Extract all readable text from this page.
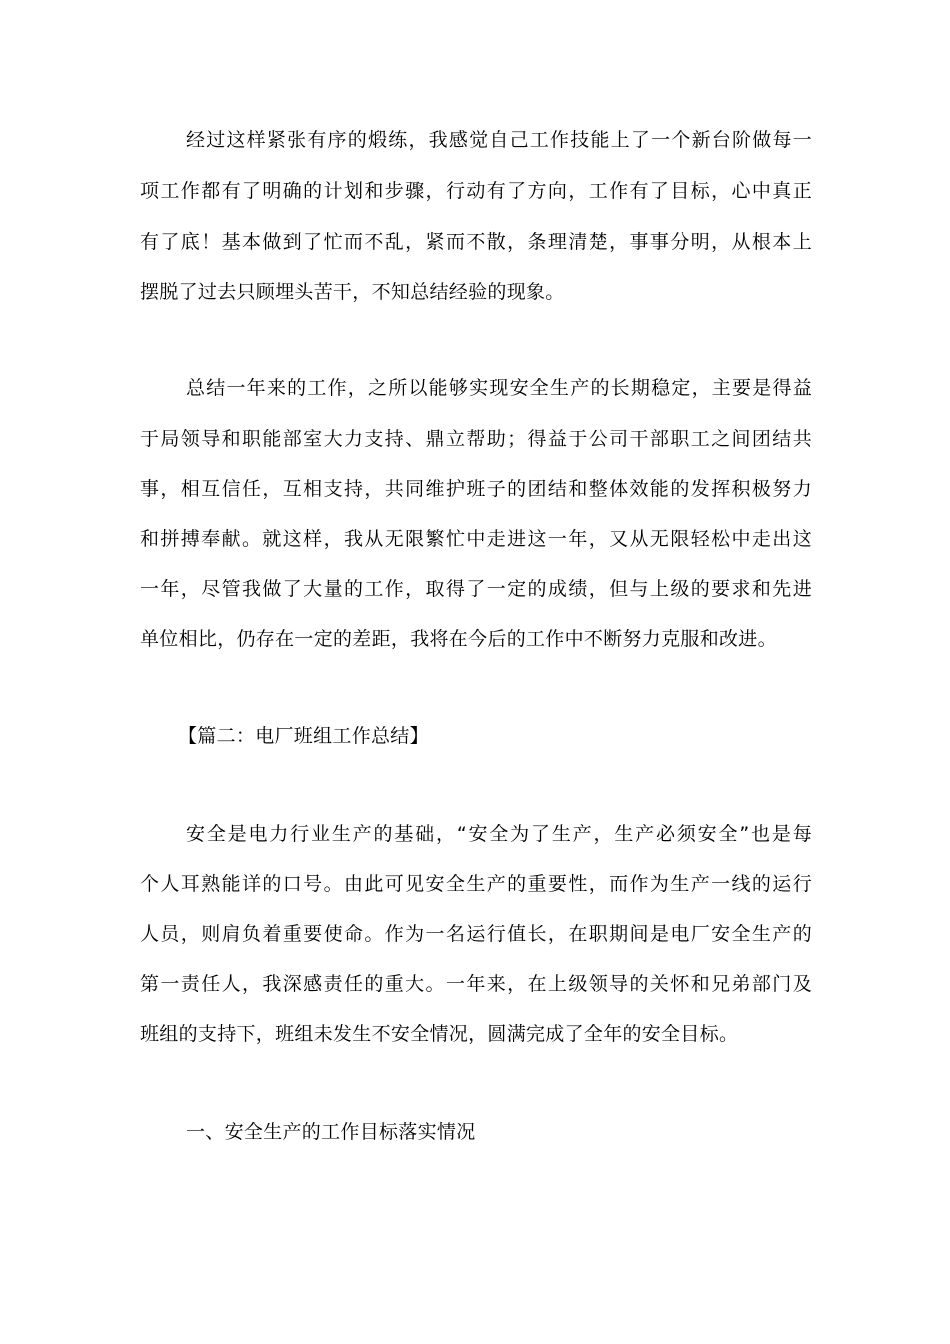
经过这样紧张有序的煅练，我感觉自己工作技能上了一个新台阶做每一
项工作都有了明确的计划和步骤，行动有了方向，工作有了目标，心中真正
有了底！基本做到了忙而不乱，紧而不散，条理清楚，事事分明，从根本上
摆脱了过去只顾埋头苦干，不知总结经验的现象。
总结一年来的工作，之所以能够实现安全生产的长期稳定，主要是得益
于局领导和职能部室大力支持、鼎立帮助；得益于公司干部职工之间团结共
事，相互信任，互相支持，共同维护班子的团结和整体效能的发挥积极努力
和拼搏奉献。就这样，我从无限繁忙中走进这一年，又从无限轻松中走出这
一年，尽管我做了大量的工作，取得了一定的成绩，但与上级的要求和先进
单位相比，仍存在一定的差距，我将在今后的工作中不断努力克服和改进。
【篇二：电厂班组工作总结】
安全是电力行业生产的基础，“安全为了生产，生产必须安全”也是每
个人耳熟能详的口号。由此可见安全生产的重要性，而作为生产一线的运行
人员，则肩负着重要使命。作为一名运行值长，在职期间是电厂安全生产的
第一责任人，我深感责任的重大。一年来，在上级领导的关怀和兄弟部门及
班组的支持下，班组未发生不安全情况，圆满完成了全年的安全目标。
一、安全生产的工作目标落实情况
